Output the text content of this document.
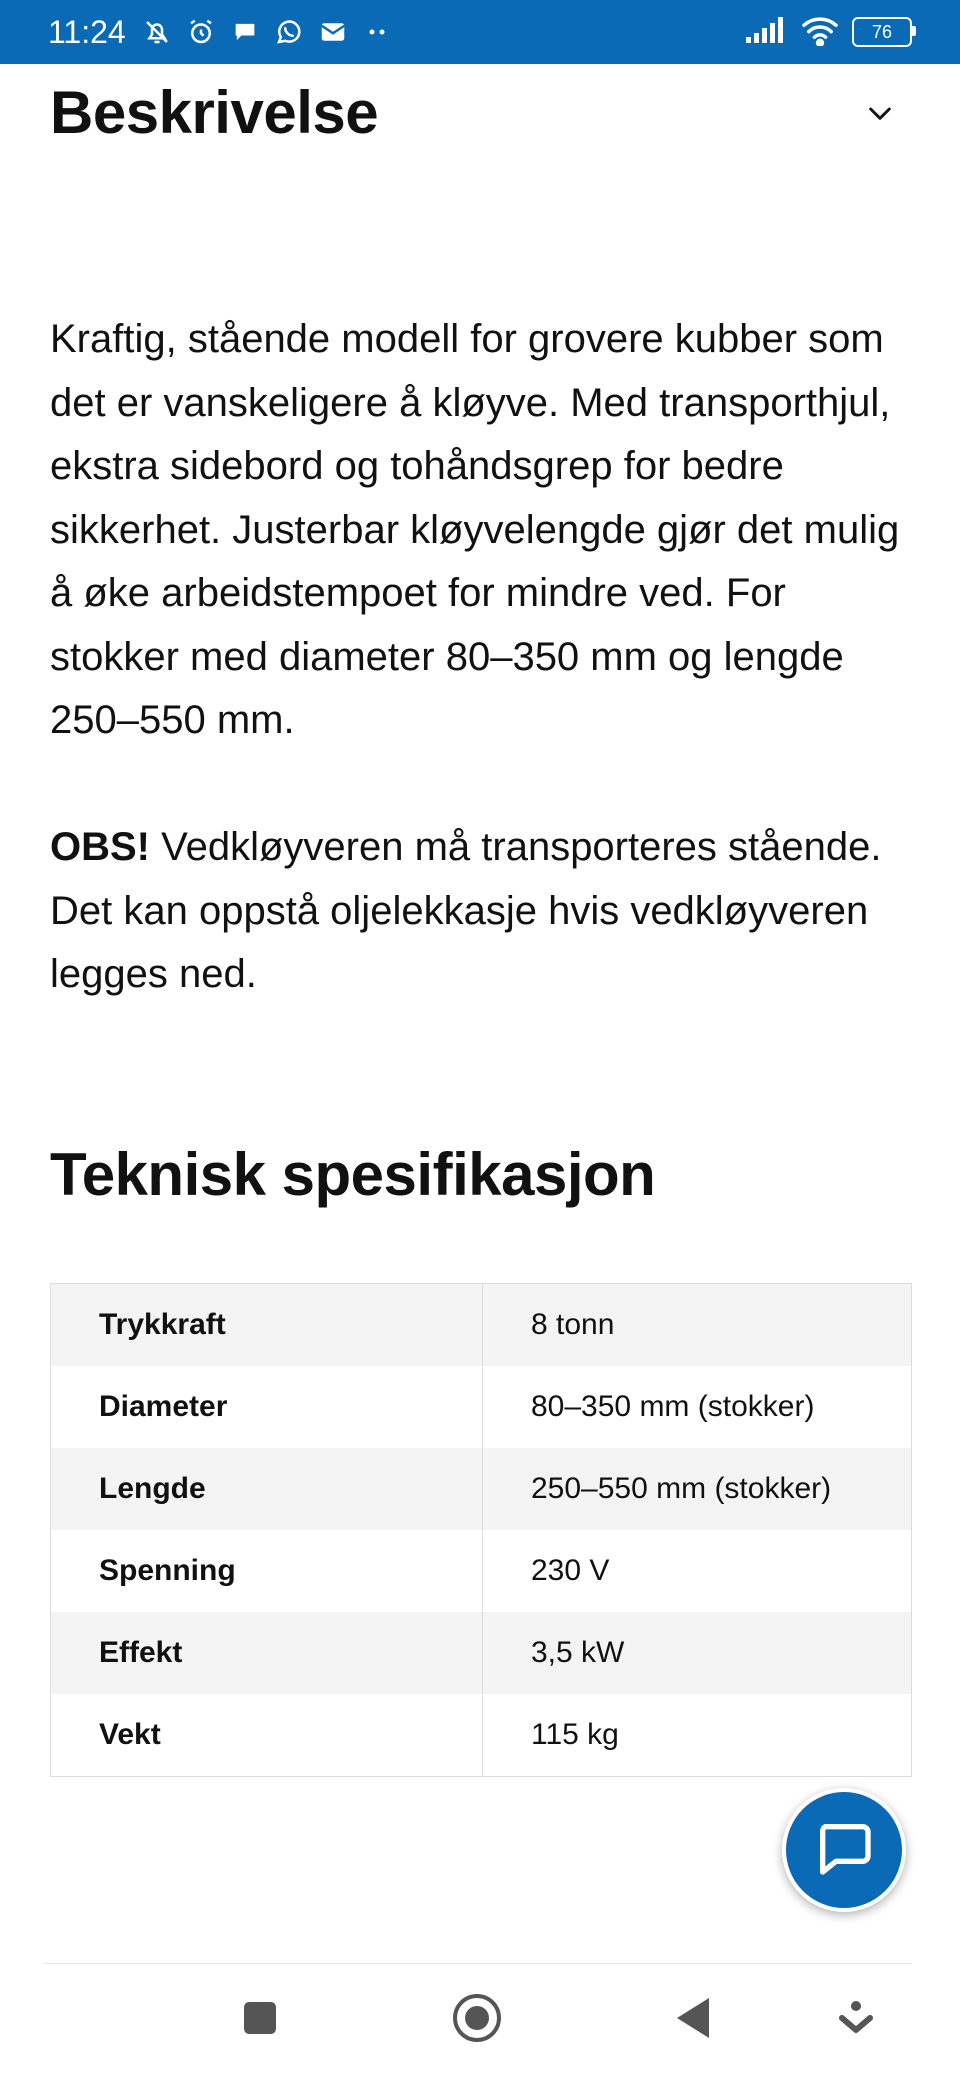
11:24	76
Beskrivelse

Kraftig, stående modell for grovere kubber som det er vanskeligere å kløyve. Med transporthjul, ekstra sidebord og tohåndsgrep for bedre sikkerhet. Justerbar kløyvelengde gjør det mulig å øke arbeidstempoet for mindre ved. For stokker med diameter 80–350 mm og lengde 250–550 mm.

OBS! Vedkløyveren må transporteres stående. Det kan oppstå oljelekkasje hvis vedkløyveren legges ned.

Teknisk spesifikasjon
Trykkraft	8 tonn
Diameter	80–350 mm (stokker)
Lengde	250–550 mm (stokker)
Spenning	230 V
Effekt	3,5 kW
Vekt	115 kg
